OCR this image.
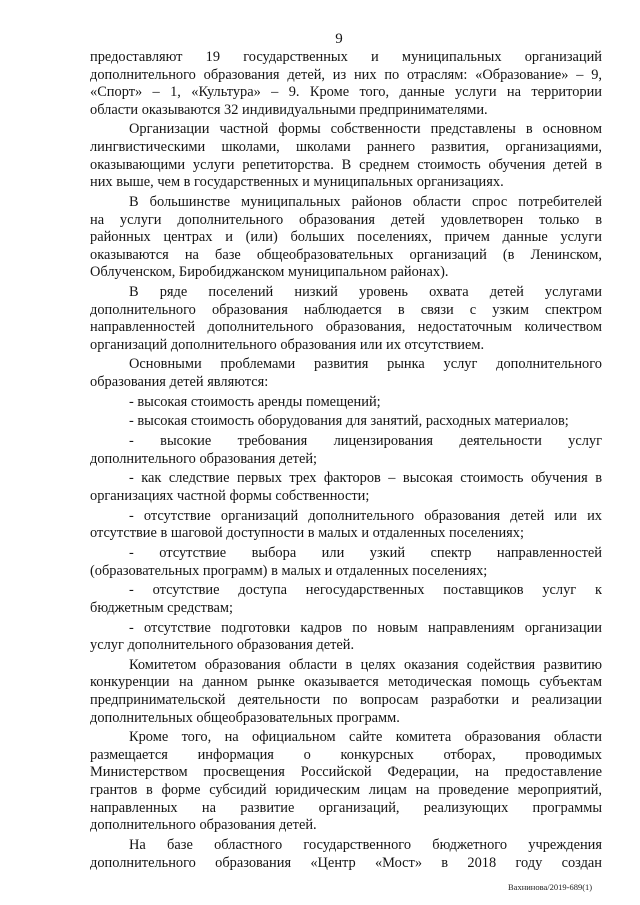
9
предоставляют 19 государственных и муниципальных организаций
дополнительного образования детей, из них по отраслям: «Образование» – 9,
«Спорт» – 1, «Культура» – 9. Кроме того, данные услуги на территории
области оказываются 32 индивидуальными предпринимателями.
Организации частной формы собственности представлены в основном
лингвистическими школами, школами раннего развития, организациями,
оказывающими услуги репетиторства. В среднем стоимость обучения детей в
них выше, чем в государственных и муниципальных организациях.
В большинстве муниципальных районов области спрос потребителей
на услуги дополнительного образования детей удовлетворен только в
районных центрах и (или) больших поселениях, причем данные услуги
оказываются на базе общеобразовательных организаций (в Ленинском,
Облученском, Биробиджанском муниципальном районах).
В ряде поселений низкий уровень охвата детей услугами
дополнительного образования наблюдается в связи с узким спектром
направленностей дополнительного образования, недостаточным количеством
организаций дополнительного образования или их отсутствием.
Основными проблемами развития рынка услуг дополнительного
образования детей являются:
- высокая стоимость аренды помещений;
- высокая стоимость оборудования для занятий, расходных материалов;
- высокие требования лицензирования деятельности услуг
дополнительного образования детей;
- как следствие первых трех факторов – высокая стоимость обучения в
организациях частной формы собственности;
- отсутствие организаций дополнительного образования детей или их
отсутствие в шаговой доступности в малых и отдаленных поселениях;
- отсутствие выбора или узкий спектр направленностей
(образовательных программ) в малых и отдаленных поселениях;
- отсутствие доступа негосударственных поставщиков услуг к
бюджетным средствам;
- отсутствие подготовки кадров по новым направлениям организации
услуг дополнительного образования детей.
Комитетом образования области в целях оказания содействия развитию
конкуренции на данном рынке оказывается методическая помощь субъектам
предпринимательской деятельности по вопросам разработки и реализации
дополнительных общеобразовательных программ.
Кроме того, на официальном сайте комитета образования области
размещается информация о конкурсных отборах, проводимых
Министерством просвещения Российской Федерации, на предоставление
грантов в форме субсидий юридическим лицам на проведение мероприятий,
направленных на развитие организаций, реализующих программы
дополнительного образования детей.
На базе областного государственного бюджетного учреждения
дополнительного образования «Центр «Мост» в 2018 году создан
Вахнинова/2019-689(1)
